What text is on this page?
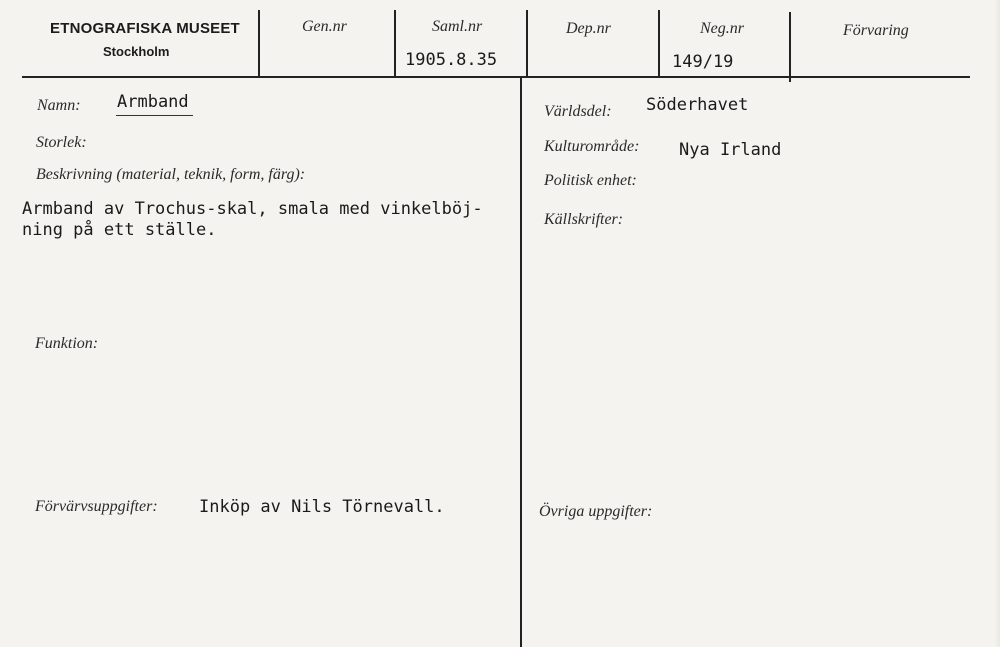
ETNOGRAFISKA MUSEET
Stockholm
Gen.nr	Saml.nr
1905.8.35
Dep.nr	Neg.nr
149/19
Förvaring
Namn: Armband
Storlek:
Beskrivning (material, teknik, form, färg):
Armband av Trochus-skal, smala med vinkelböj-
ning på ett ställe.
Funktion:
Förvärvsuppgifter: Inköp av Nils Törnevall.
Världsdel: Söderhavet
Kulturområde: Nya Irland
Politisk enhet:
Källskrifter:
Övriga uppgifter:
